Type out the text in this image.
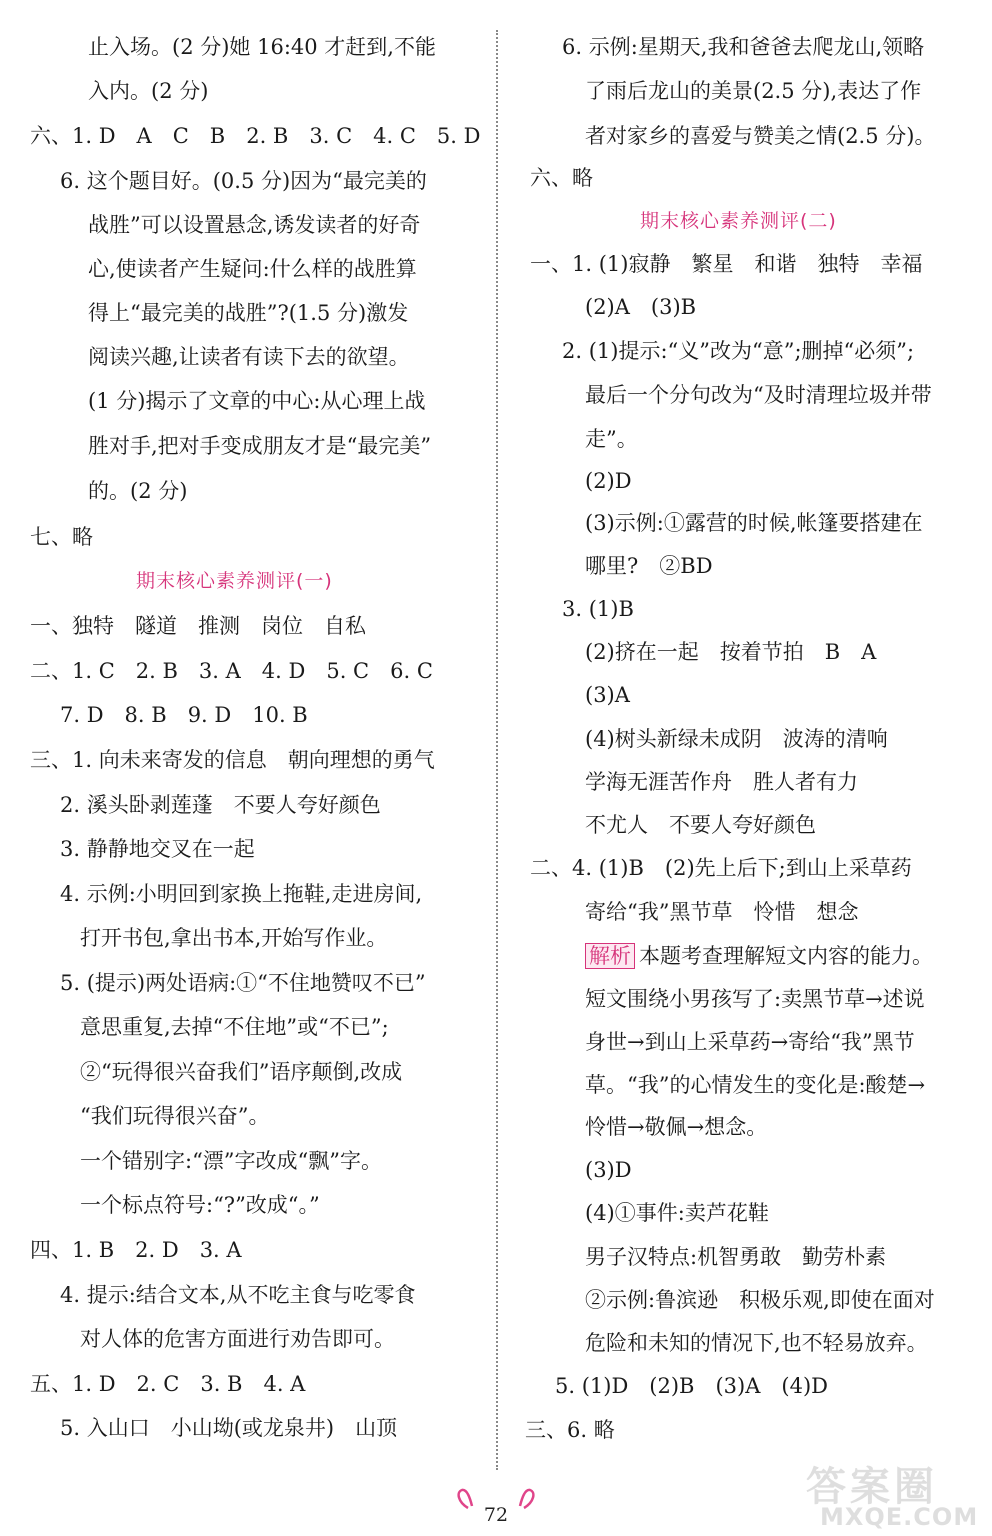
止入场。(2 分)她 16:40 才赶到,不能
入内。(2 分)
六、1. D　A　C　B　2. B　3. C　4. C　5. D
6. 这个题目好。(0.5 分)因为“最完美的
战胜”可以设置悬念,诱发读者的好奇
心,使读者产生疑问:什么样的战胜算
得上“最完美的战胜”?(1.5 分)激发
阅读兴趣,让读者有读下去的欲望。
(1 分)揭示了文章的中心:从心理上战
胜对手,把对手变成朋友才是“最完美”
的。(2 分)
七、略
期末核心素养测评(一)
一、独特　隧道　推测　岗位　自私
二、1. C　2. B　3. A　4. D　5. C　6. C
7. D　8. B　9. D　10. B
三、1. 向未来寄发的信息　朝向理想的勇气
2. 溪头卧剥莲蓬　不要人夸好颜色
3. 静静地交叉在一起
4. 示例:小明回到家换上拖鞋,走进房间,
打开书包,拿出书本,开始写作业。
5. (提示)两处语病:①“不住地赞叹不已”
意思重复,去掉“不住地”或“不已”;
②“玩得很兴奋我们”语序颠倒,改成
“我们玩得很兴奋”。
一个错别字:“漂”字改成“飘”字。
一个标点符号:“?”改成“。”
四、1. B　2. D　3. A
4. 提示:结合文本,从不吃主食与吃零食
对人体的危害方面进行劝告即可。
五、1. D　2. C　3. B　4. A
5. 入山口　小山坳(或龙泉井)　山顶
6. 示例:星期天,我和爸爸去爬龙山,领略
了雨后龙山的美景(2.5 分),表达了作
者对家乡的喜爱与赞美之情(2.5 分)。
六、略
期末核心素养测评(二)
一、1. (1)寂静　繁星　和谐　独特　幸福
(2)A　(3)B
2. (1)提示:“义”改为“意”;删掉“必须”;
最后一个分句改为“及时清理垃圾并带
走”。
(2)D
(3)示例:①露营的时候,帐篷要搭建在
哪里?　②BD
3. (1)B
(2)挤在一起　按着节拍　B　A
(3)A
(4)树头新绿未成阴　波涛的清响
学海无涯苦作舟　胜人者有力
不尤人　不要人夸好颜色
二、4. (1)B　(2)先上后下;到山上采草药
寄给“我”黑节草　怜惜　想念
解析 本题考查理解短文内容的能力。
短文围绕小男孩写了:卖黑节草→述说
身世→到山上采草药→寄给“我”黑节
草。“我”的心情发生的变化是:酸楚→
怜惜→敬佩→想念。
(3)D
(4)①事件:卖芦花鞋
男子汉特点:机智勇敢　勤劳朴素
②示例:鲁滨逊　积极乐观,即使在面对
危险和未知的情况下,也不轻易放弃。
5. (1)D　(2)B　(3)A　(4)D
三、6. 略
72
答案圈
MXQE.COM
